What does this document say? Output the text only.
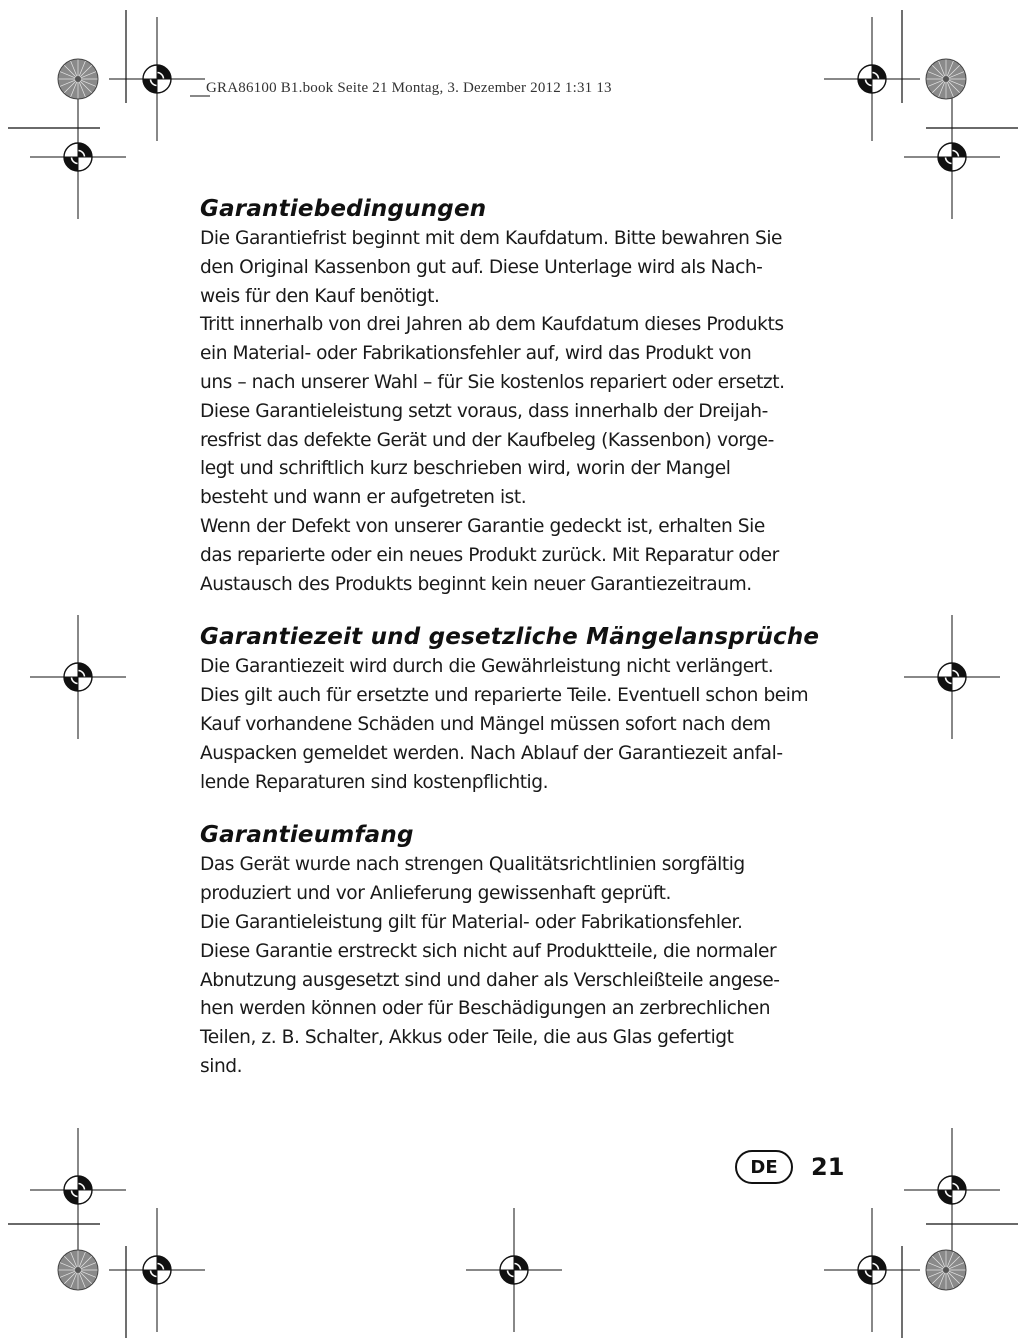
GRA86100 B1.book Seite 21 Montag, 3. Dezember 2012 1:31 13
Garantiebedingungen

Die Garantiefrist beginnt mit dem Kaufdatum. Bitte bewahren Sie
den Original Kassenbon gut auf. Diese Unterlage wird als Nach-
weis für den Kauf benötigt.

Tritt innerhalb von drei Jahren ab dem Kaufdatum dieses Produkts
ein Material- oder Fabrikationsfehler auf, wird das Produkt von
uns – nach unserer Wahl – für Sie kostenlos repariert oder ersetzt.
Diese Garantieleistung setzt voraus, dass innerhalb der Dreijah-
resfrist das defekte Gerät und der Kaufbeleg (Kassenbon) vorge-
legt und schriftlich kurz beschrieben wird, worin der Mangel
besteht und wann er aufgetreten ist.

Wenn der Defekt von unserer Garantie gedeckt ist, erhalten Sie
das reparierte oder ein neues Produkt zurück. Mit Reparatur oder
Austausch des Produkts beginnt kein neuer Garantiezeitraum.

Garantiezeit und gesetzliche Mängelansprüche

Die Garantiezeit wird durch die Gewährleistung nicht verlängert.
Dies gilt auch für ersetzte und reparierte Teile. Eventuell schon beim
Kauf vorhandene Schäden und Mängel müssen sofort nach dem
Auspacken gemeldet werden. Nach Ablauf der Garantiezeit anfal-
lende Reparaturen sind kostenpflichtig.

Garantieumfang

Das Gerät wurde nach strengen Qualitätsrichtlinien sorgfältig
produziert und vor Anlieferung gewissenhaft geprüft.

Die Garantieleistung gilt für Material- oder Fabrikationsfehler.
Diese Garantie erstreckt sich nicht auf Produktteile, die normaler
Abnutzung ausgesetzt sind und daher als Verschleißteile angese-
hen werden können oder für Beschädigungen an zerbrechlichen
Teilen, z. B. Schalter, Akkus oder Teile, die aus Glas gefertigt
sind.

DE	21
